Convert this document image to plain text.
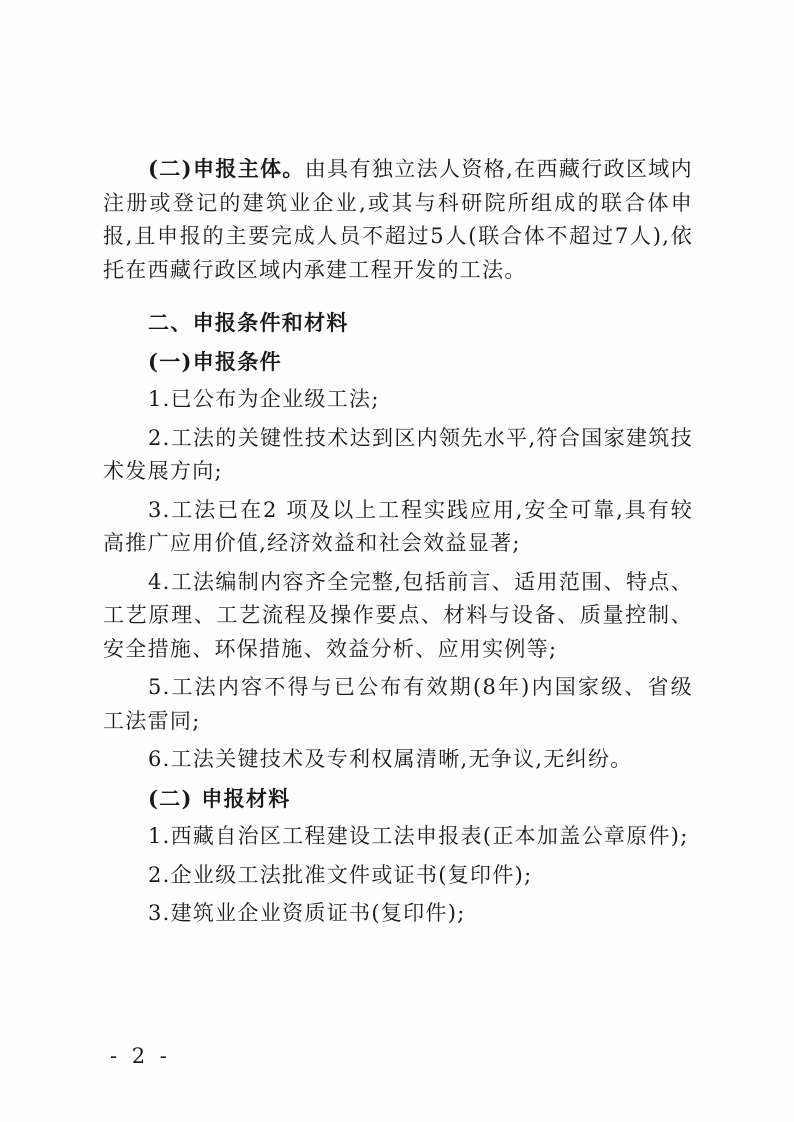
(二)申报主体。由具有独立法人资格,在西藏行政区域内注册或登记的建筑业企业,或其与科研院所组成的联合体申报,且申报的主要完成人员不超过5人(联合体不超过7人),依托在西藏行政区域内承建工程开发的工法。

二、申报条件和材料

(一)申报条件

1.已公布为企业级工法;

2.工法的关键性技术达到区内领先水平,符合国家建筑技术发展方向;

3.工法已在2 项及以上工程实践应用,安全可靠,具有较高推广应用价值,经济效益和社会效益显著;

4.工法编制内容齐全完整,包括前言、适用范围、特点、工艺原理、工艺流程及操作要点、材料与设备、质量控制、安全措施、环保措施、效益分析、应用实例等;

5.工法内容不得与已公布有效期(8年)内国家级、省级工法雷同;

6.工法关键技术及专利权属清晰,无争议,无纠纷。

(二) 申报材料

1.西藏自治区工程建设工法申报表(正本加盖公章原件);

2.企业级工法批准文件或证书(复印件);

3.建筑业企业资质证书(复印件);

- 2 -
